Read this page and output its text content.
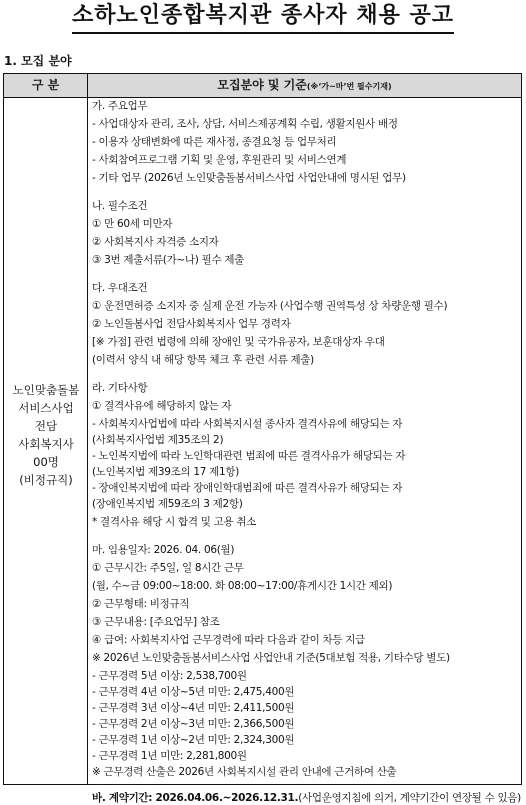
소하노인종합복지관 종사자 채용 공고
1. 모집 분야
구 분	모집분야 및 기준(※‘가~마’번 필수기재)
노인맞춤돌봄
서비스사업
전담
사회복지사
00명
(비정규직)
가. 주요업무
- 사업대상자 관리, 조사, 상담, 서비스제공계획 수립, 생활지원사 배정
- 이용자 상태변화에 따른 재사정, 종결요청 등 업무처리
- 사회참여프로그램 기획 및 운영, 후원관리 및 서비스연계
- 기타 업무 (2026년 노인맞춤돌봄서비스사업 사업안내에 명시된 업무)
나. 필수조건
① 만 60세 미만자
② 사회복지사 자격증 소지자
③ 3번 제출서류(가~나) 필수 제출
다. 우대조건
① 운전면허증 소지자 중 실제 운전 가능자 (사업수행 권역특성 상 차량운행 필수)
② 노인돌봄사업 전담사회복지사 업무 경력자
[※ 가점] 관련 법령에 의해 장애인 및 국가유공자, 보훈대상자 우대
(이력서 양식 내 해당 항목 체크 후 관련 서류 제출)
라. 기타사항
① 결격사유에 해당하지 않는 자
- 사회복지사업법에 따라 사회복지시설 종사자 결격사유에 해당되는 자
(사회복지사업법 제35조의 2)
- 노인복지법에 따라 노인학대관련 범죄에 따른 결격사유가 해당되는 자
(노인복지법 제39조의 17 제1항)
- 장애인복지법에 따라 장애인학대범죄에 따른 결격사유가 해당되는 자
(장애인복지법 제59조의 3 제2항)
* 결격사유 해당 시 합격 및 고용 취소
마. 임용일자: 2026. 04. 06(월)
① 근무시간: 주5일, 일 8시간 근무
(월, 수~금 09:00~18:00. 화 08:00~17:00/휴게시간 1시간 제외)
② 근무형태: 비정규직
③ 근무내용: [주요업무] 참조
④ 급여: 사회복지사업 근무경력에 따라 다음과 같이 차등 지급
※ 2026년 노인맞춤돌봄서비스사업 사업안내 기준(5대보험 적용, 기타수당 별도)
- 근무경력 5년 이상: 2,538,700원
- 근무경력 4년 이상~5년 미만: 2,475,400원
- 근무경력 3년 이상~4년 미만: 2,411,500원
- 근무경력 2년 이상~3년 미만: 2,366,500원
- 근무경력 1년 이상~2년 미만: 2,324,300원
- 근무경력 1년 미만: 2,281,800원
※ 근무경력 산출은 2026년 사회복지시설 관리 안내에 근거하여 산출
바. 계약기간: 2026.04.06.~2026.12.31.(사업운영지침에 의거, 계약기간이 연장될 수 있음)
